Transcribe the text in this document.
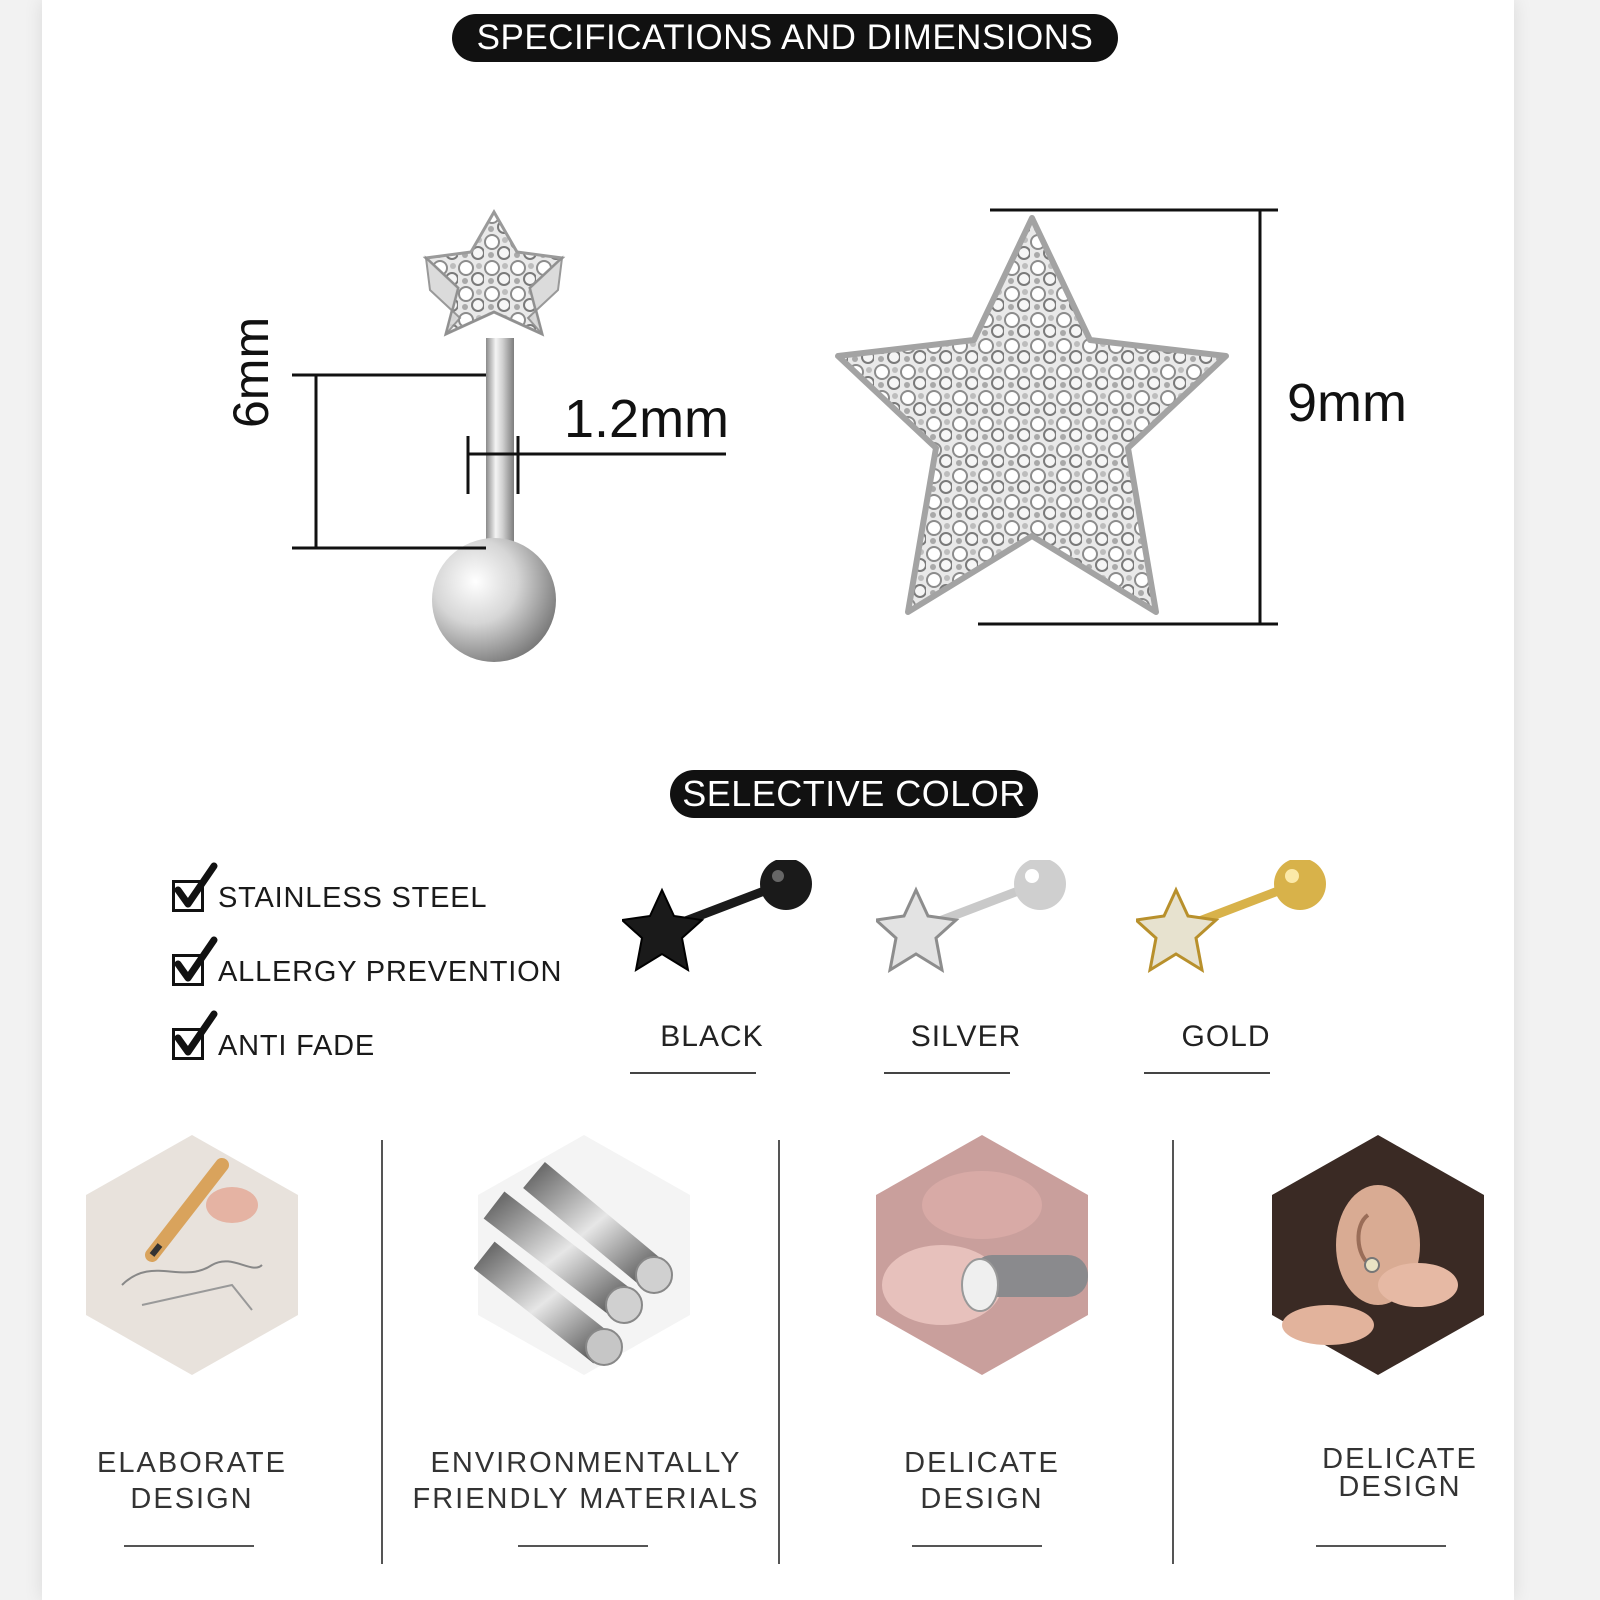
SPECIFICATIONS AND DIMENSIONS
6mm	1.2mm	9mm
SELECTIVE COLOR
STAINLESS STEEL
ALLERGY PREVENTION
ANTI FADE	BLACK	SILVER	GOLD
ELABORATE
DESIGN
ENVIRONMENTALLY
FRIENDLY MATERIALS
DELICATE
DESIGN
DELICATE
DESIGN
